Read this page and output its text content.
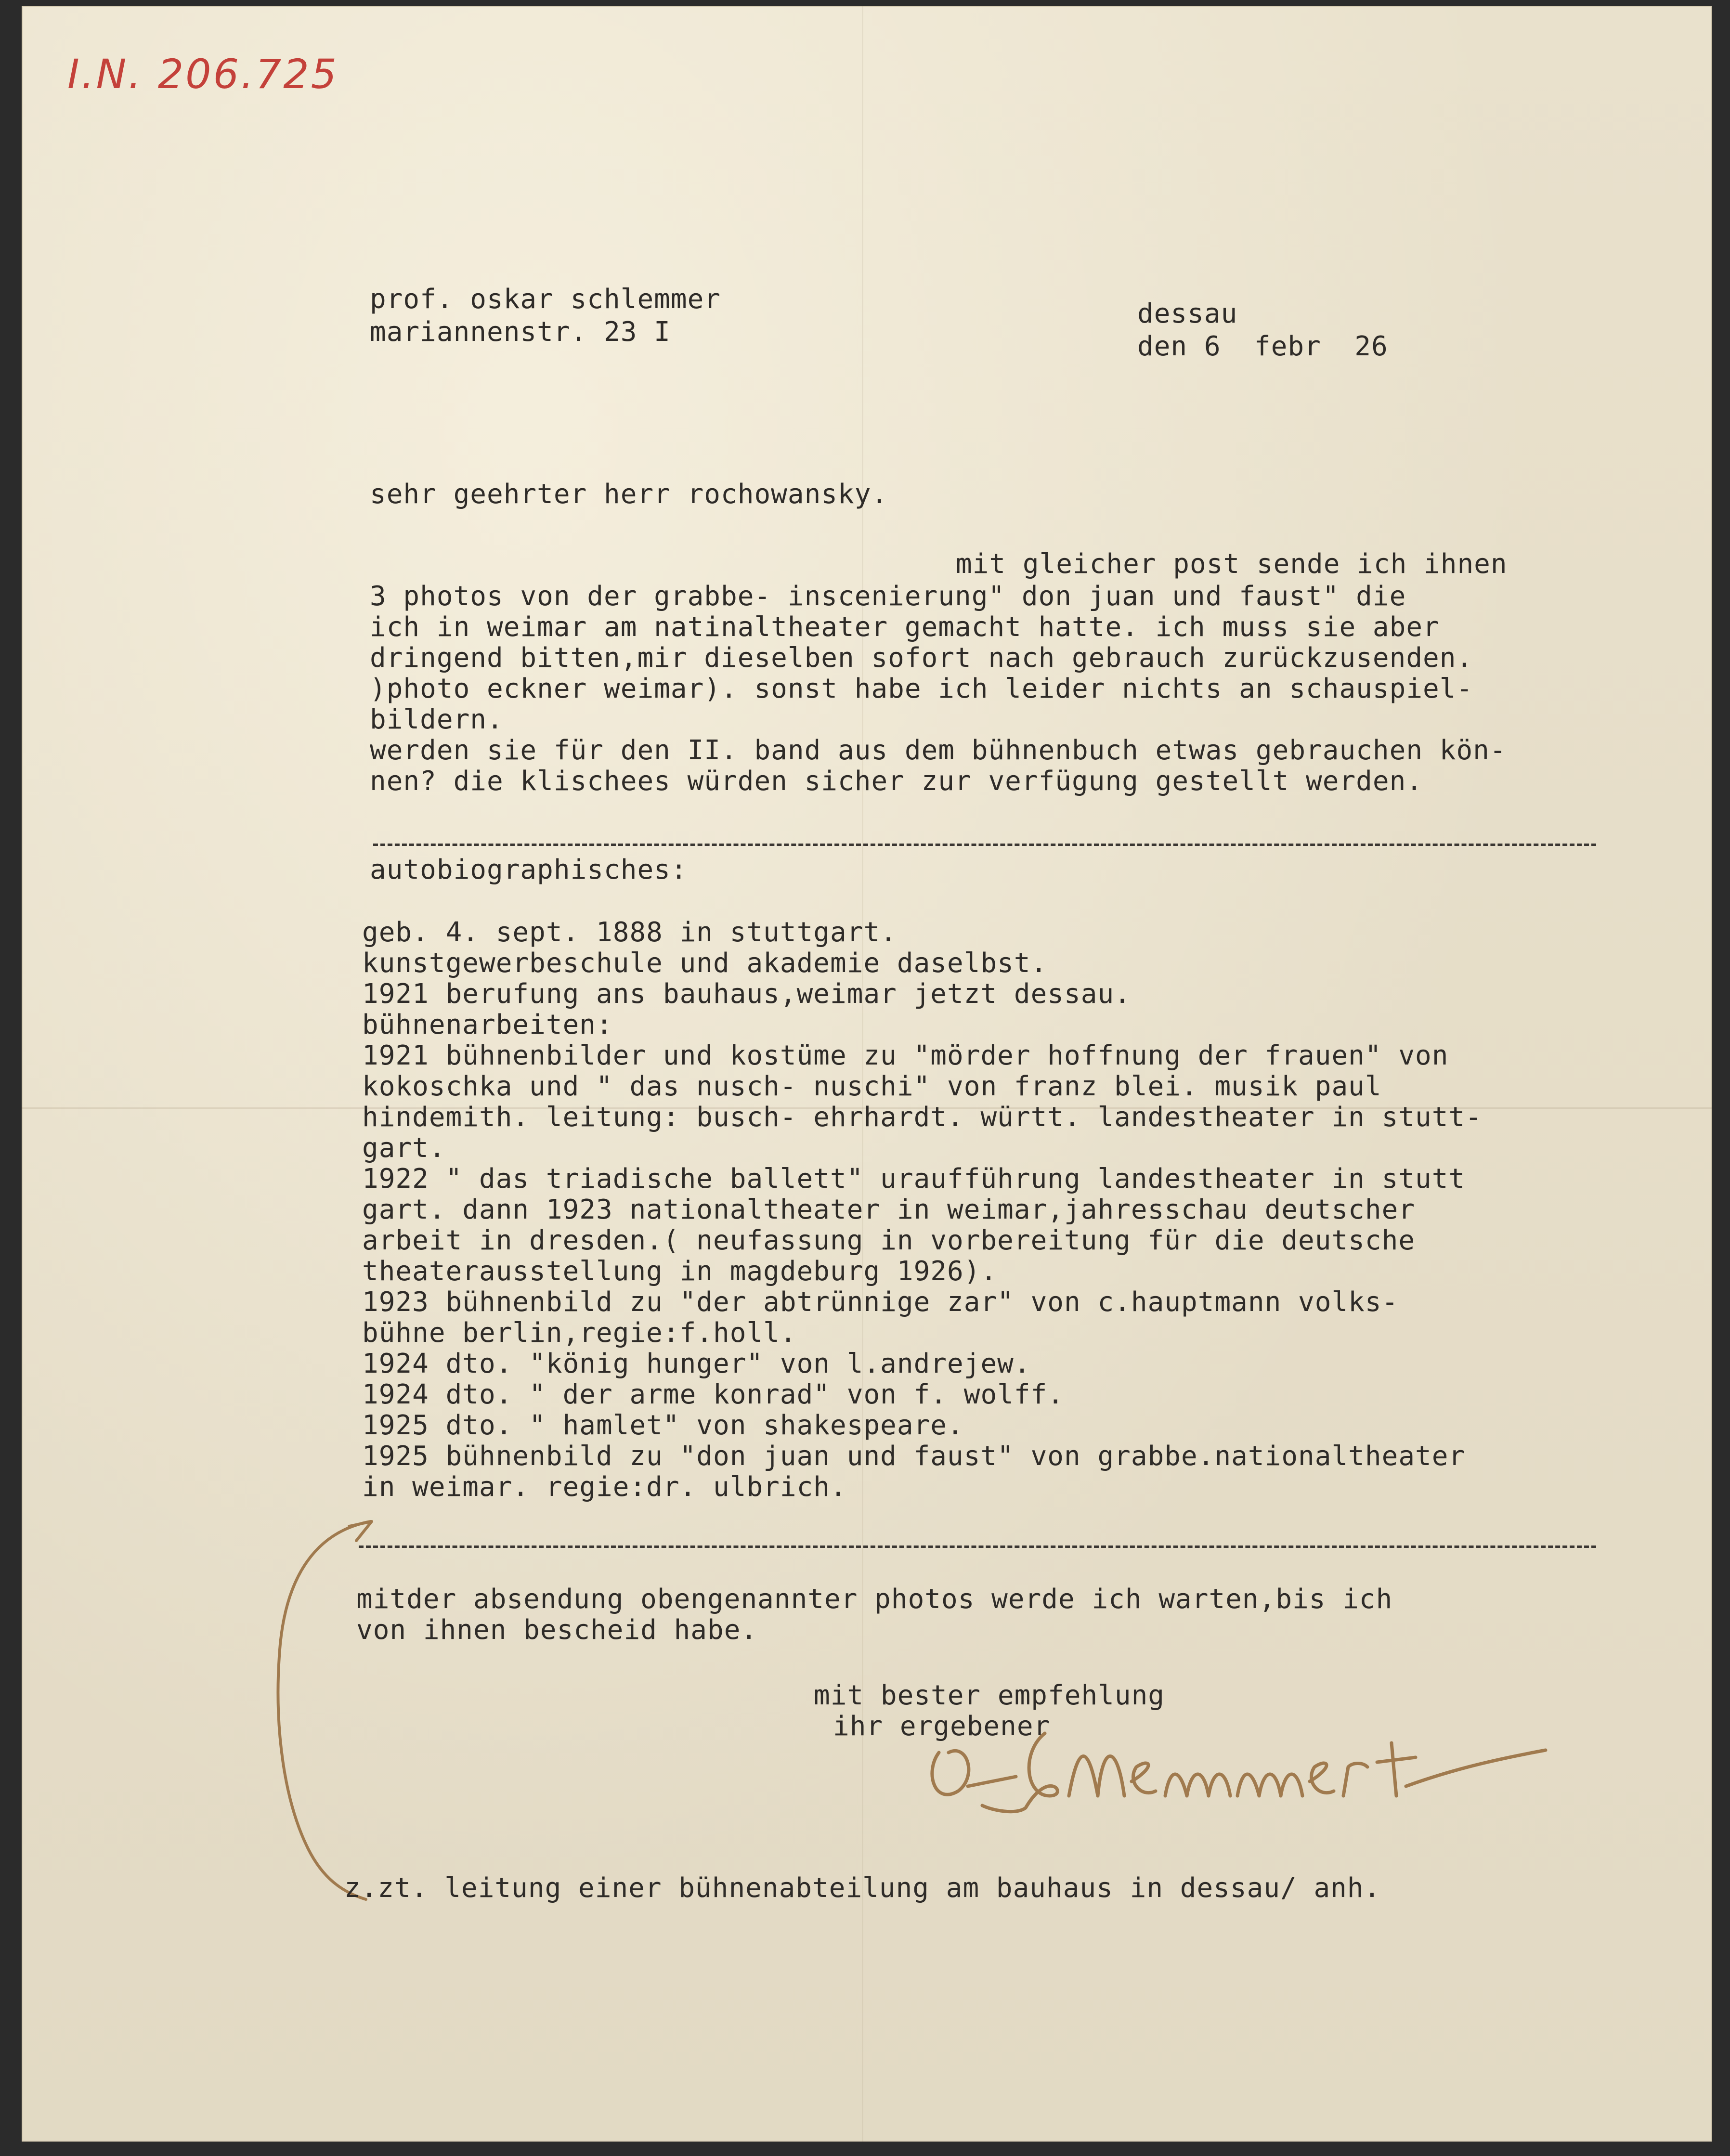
I.N. 206.725
prof. oskar schlemmer
mariannenstr. 23 I
dessau
den 6  febr  26
sehr geehrter herr rochowansky.
mit gleicher post sende ich ihnen
3 photos von der grabbe- inscenierung" don juan und faust" die
ich in weimar am natinaltheater gemacht hatte. ich muss sie aber
dringend bitten,mir dieselben sofort nach gebrauch zurückzusenden.
)photo eckner weimar). sonst habe ich leider nichts an schauspiel-
bildern.
werden sie für den II. band aus dem bühnenbuch etwas gebrauchen kön-
nen? die klischees würden sicher zur verfügung gestellt werden.
autobiographisches:
geb. 4. sept. 1888 in stuttgart.
kunstgewerbeschule und akademie daselbst.
1921 berufung ans bauhaus,weimar jetzt dessau.
bühnenarbeiten:
1921 bühnenbilder und kostüme zu "mörder hoffnung der frauen" von
kokoschka und " das nusch- nuschi" von franz blei. musik paul
hindemith. leitung: busch- ehrhardt. württ. landestheater in stutt-
gart.
1922 " das triadische ballett" uraufführung landestheater in stutt
gart. dann 1923 nationaltheater in weimar,jahresschau deutscher
arbeit in dresden.( neufassung in vorbereitung für die deutsche
theaterausstellung in magdeburg 1926).
1923 bühnenbild zu "der abtrünnige zar" von c.hauptmann volks-
bühne berlin,regie:f.holl.
1924 dto. "könig hunger" von l.andrejew.
1924 dto. " der arme konrad" von f. wolff.
1925 dto. " hamlet" von shakespeare.
1925 bühnenbild zu "don juan und faust" von grabbe.nationaltheater
in weimar. regie:dr. ulbrich.
mitder absendung obengenannter photos werde ich warten,bis ich
von ihnen bescheid habe.
mit bester empfehlung
ihr ergebener
z.zt. leitung einer bühnenabteilung am bauhaus in dessau/ anh.
